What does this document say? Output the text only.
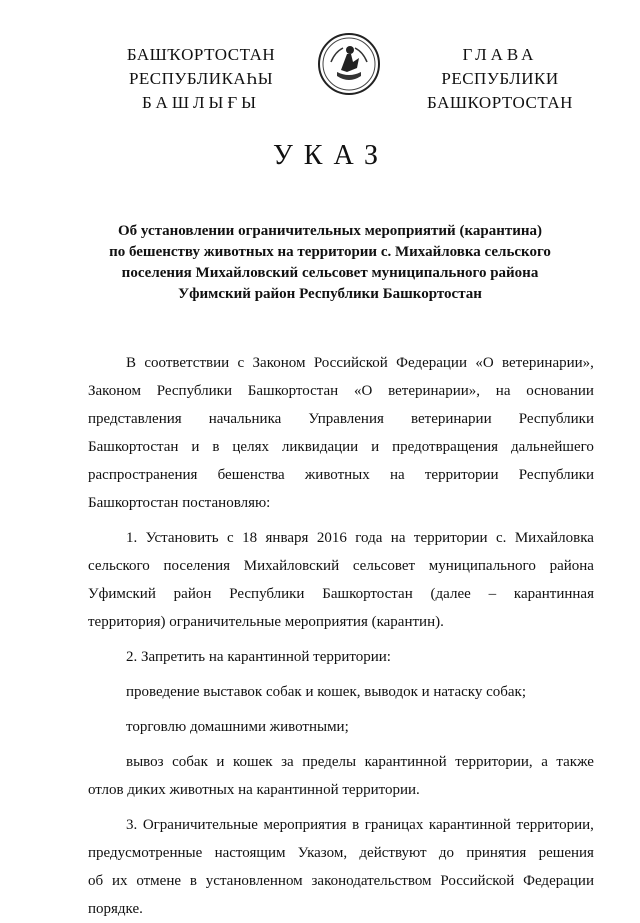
БАШҠОРТОСТАН
РЕСПУБЛИКАҺЫ
БАШЛЫҒЫ
ГЛАВА
РЕСПУБЛИКИ
БАШКОРТОСТАН
УКАЗ
Об установлении ограничительных мероприятий (карантина)
по бешенству животных на территории с. Михайловка сельского
поселения Михайловский сельсовет муниципального района
Уфимский район Республики Башкортостан
В соответствии с Законом Российской Федерации «О ветеринарии»,
Законом Республики Башкортостан «О ветеринарии», на основании
представления начальника Управления ветеринарии Республики
Башкортостан и в целях ликвидации и предотвращения дальнейшего
распространения бешенства животных на территории Республики
Башкортостан постановляю:
1. Установить с 18 января 2016 года на территории с. Михайловка
сельского поселения Михайловский сельсовет муниципального района
Уфимский район Республики Башкортостан (далее – карантинная
территория) ограничительные мероприятия (карантин).
2. Запретить на карантинной территории:
проведение выставок собак и кошек, выводок и натаску собак;
торговлю домашними животными;
вывоз собак и кошек за пределы карантинной территории, а также
отлов диких животных на карантинной территории.
3. Ограничительные мероприятия в границах карантинной территории,
предусмотренные настоящим Указом, действуют до принятия решения
об их отмене в установленном законодательством Российской Федерации
порядке.
